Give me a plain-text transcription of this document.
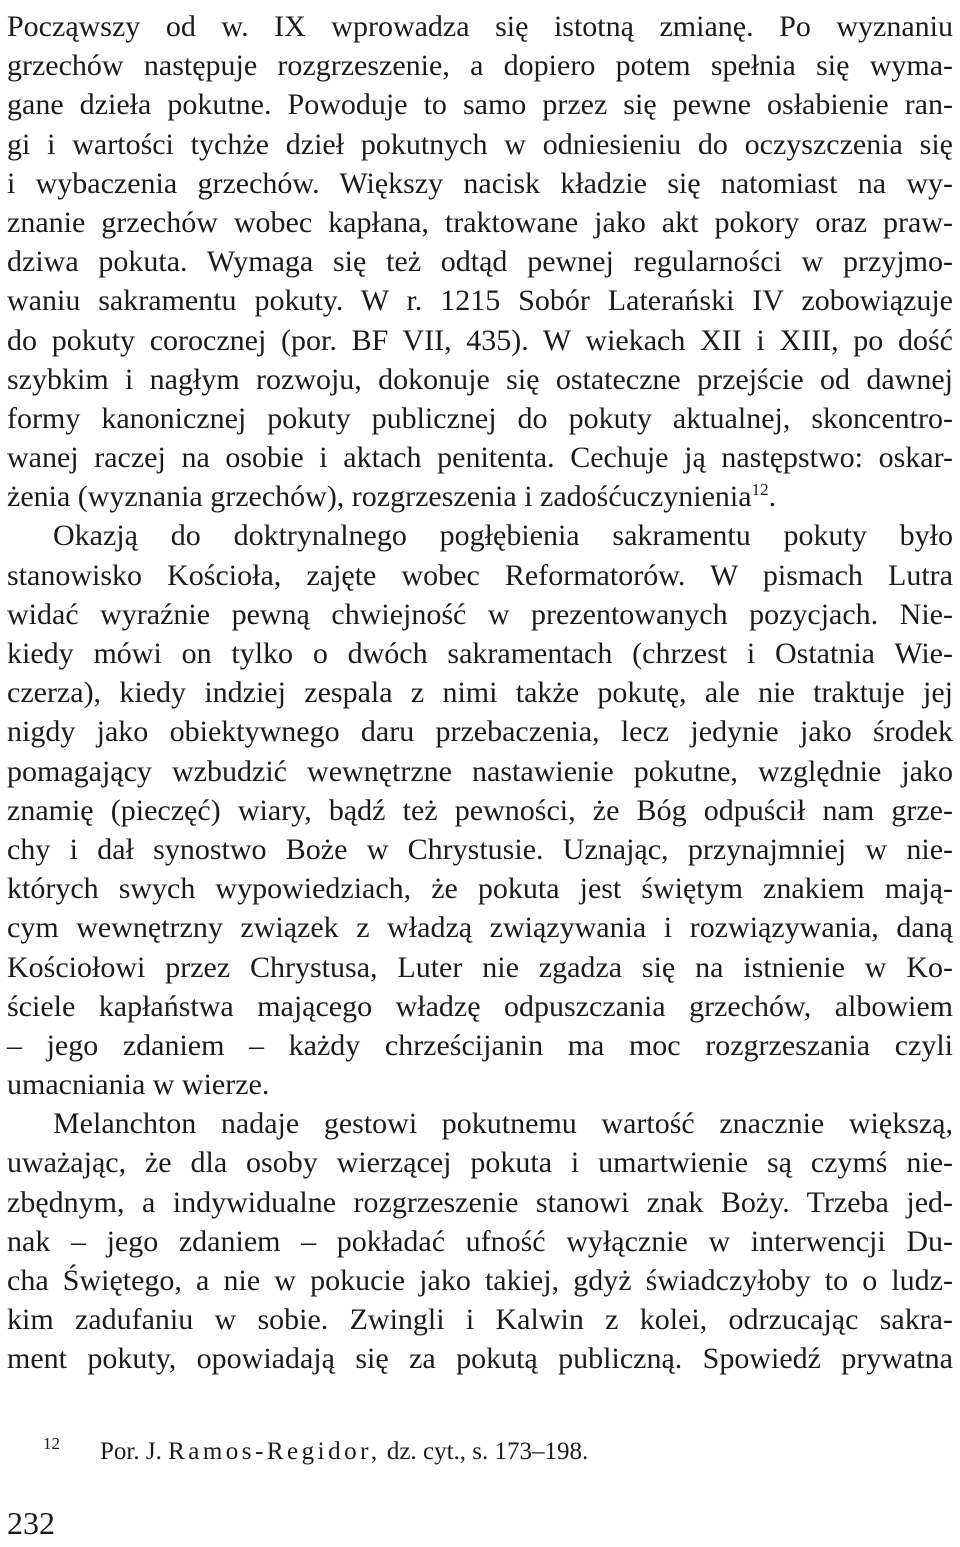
Począwszy od w. IX wprowadza się istotną zmianę. Po wyznaniu
grzechów następuje rozgrzeszenie, a dopiero potem spełnia się wyma-
gane dzieła pokutne. Powoduje to samo przez się pewne osłabienie ran-
gi i wartości tychże dzieł pokutnych w odniesieniu do oczyszczenia się
i wybaczenia grzechów. Większy nacisk kładzie się natomiast na wy-
znanie grzechów wobec kapłana, traktowane jako akt pokory oraz praw-
dziwa pokuta. Wymaga się też odtąd pewnej regularności w przyjmo-
waniu sakramentu pokuty. W r. 1215 Sobór Laterański IV zobowiązuje
do pokuty corocznej (por. BF VII, 435). W wiekach XII i XIII, po dość
szybkim i nagłym rozwoju, dokonuje się ostateczne przejście od dawnej
formy kanonicznej pokuty publicznej do pokuty aktualnej, skoncentro-
wanej raczej na osobie i aktach penitenta. Cechuje ją następstwo: oskar-
żenia (wyznania grzechów), rozgrzeszenia i zadośćuczynienia$^{12}$.
Okazją do doktrynalnego pogłębienia sakramentu pokuty było
stanowisko Kościoła, zajęte wobec Reformatorów. W pismach Lutra
widać wyraźnie pewną chwiejność w prezentowanych pozycjach. Nie-
kiedy mówi on tylko o dwóch sakramentach (chrzest i Ostatnia Wie-
czerza), kiedy indziej zespala z nimi także pokutę, ale nie traktuje jej
nigdy jako obiektywnego daru przebaczenia, lecz jedynie jako środek
pomagający wzbudzić wewnętrzne nastawienie pokutne, względnie jako
znamię (pieczęć) wiary, bądź też pewności, że Bóg odpuścił nam grze-
chy i dał synostwo Boże w Chrystusie. Uznając, przynajmniej w nie-
których swych wypowiedziach, że pokuta jest świętym znakiem mają-
cym wewnętrzny związek z władzą związywania i rozwiązywania, daną
Kościołowi przez Chrystusa, Luter nie zgadza się na istnienie w Ko-
ściele kapłaństwa mającego władzę odpuszczania grzechów, albowiem
– jego zdaniem – każdy chrześcijanin ma moc rozgrzeszania czyli
umacniania w wierze.
Melanchton nadaje gestowi pokutnemu wartość znacznie większą,
uważając, że dla osoby wierzącej pokuta i umartwienie są czymś nie-
zbędnym, a indywidualne rozgrzeszenie stanowi znak Boży. Trzeba jed-
nak – jego zdaniem – pokładać ufność wyłącznie w interwencji Du-
cha Świętego, a nie w pokucie jako takiej, gdyż świadczyłoby to o ludz-
kim zadufaniu w sobie. Zwingli i Kalwin z kolei, odrzucając sakra-
ment pokuty, opowiadają się za pokutą publiczną. Spowiedź prywatna
$^{12}$ Por. J. Ramos-Regidor, dz. cyt., s. 173–198.
232
